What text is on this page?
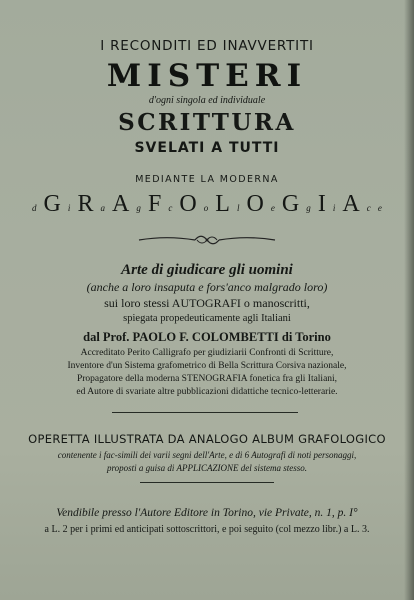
I RECONDITI ED INAVVERTITI
MISTERI
d'ogni singola ed individuale
SCRITTURA
SVELATI A TUTTI
MEDIANTE LA MODERNA
d G i R a A g F c O o L l O e G g I i A c e
Arte di giudicare gli uomini
(anche a loro insaputa e fors'anco malgrado loro)
sui loro stessi AUTOGRAFI o manoscritti,
spiegata propedeuticamente agli Italiani
dal Prof. PAOLO F. COLOMBETTI di Torino
Accreditato Perito Calligrafo per giudiziarii Confronti di Scritture,
Inventore d'un Sistema grafometrico di Bella Scrittura Corsiva nazionale,
Propagatore della moderna STENOGRAFIA fonetica fra gli Italiani,
ed Autore di svariate altre pubblicazioni didattiche tecnico-letterarie.
OPERETTA ILLUSTRATA DA ANALOGO ALBUM GRAFOLOGICO
contenente i fac-simili dei varii segni dell'Arte, e di 6 Autografi di noti personaggi,
proposti a guisa di APPLICAZIONE del sistema stesso.
Vendibile presso l'Autore Editore in Torino, vie Private, n. 1, p. I°
a L. 2 per i primi ed anticipati sottoscrittori, e poi seguito (col mezzo libr.) a L. 3.
